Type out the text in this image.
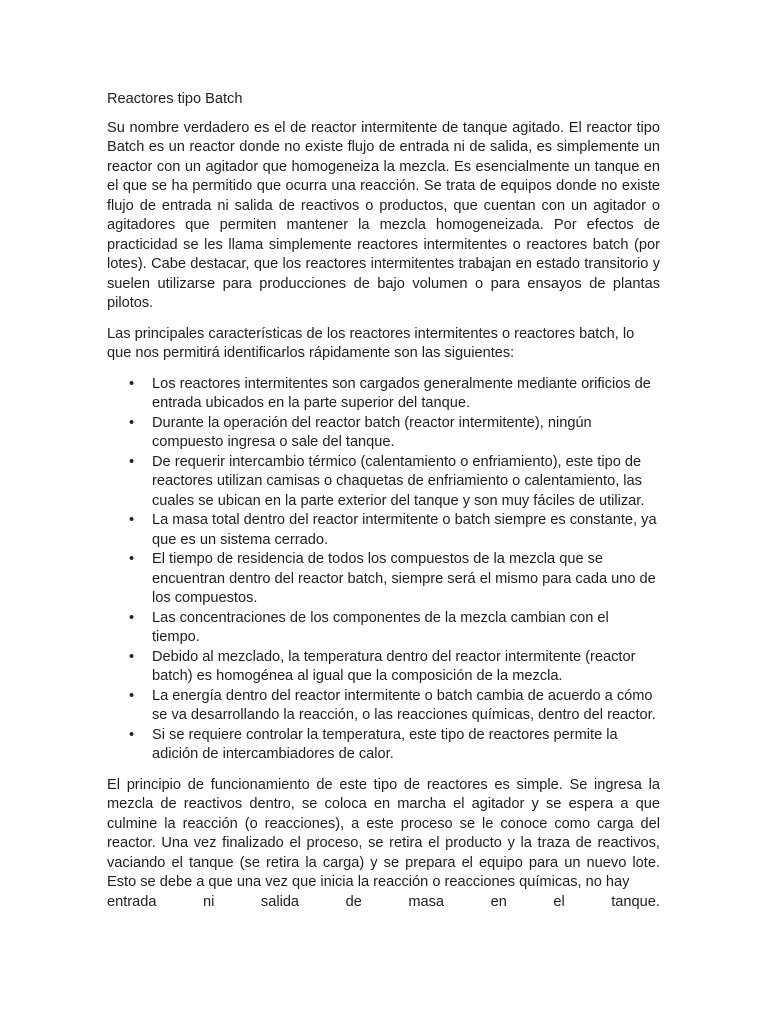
Reactores tipo Batch

Su nombre verdadero es el de reactor intermitente de tanque agitado. El reactor tipo Batch es un reactor donde no existe flujo de entrada ni de salida, es simplemente un reactor con un agitador que homogeneiza la mezcla. Es esencialmente un tanque en el que se ha permitido que ocurra una reacción. Se trata de equipos donde no existe flujo de entrada ni salida de reactivos o productos, que cuentan con un agitador o agitadores que permiten mantener la mezcla homogeneizada. Por efectos de practicidad se les llama simplemente reactores intermitentes o reactores batch (por lotes). Cabe destacar, que los reactores intermitentes trabajan en estado transitorio y suelen utilizarse para producciones de bajo volumen o para ensayos de plantas pilotos.

Las principales características de los reactores intermitentes o reactores batch, lo que nos permitirá identificarlos rápidamente son las siguientes:

• Los reactores intermitentes son cargados generalmente mediante orificios de entrada ubicados en la parte superior del tanque.
• Durante la operación del reactor batch (reactor intermitente), ningún compuesto ingresa o sale del tanque.
• De requerir intercambio térmico (calentamiento o enfriamiento), este tipo de reactores utilizan camisas o chaquetas de enfriamiento o calentamiento, las cuales se ubican en la parte exterior del tanque y son muy fáciles de utilizar.
• La masa total dentro del reactor intermitente o batch siempre es constante, ya que es un sistema cerrado.
• El tiempo de residencia de todos los compuestos de la mezcla que se encuentran dentro del reactor batch, siempre será el mismo para cada uno de los compuestos.
• Las concentraciones de los componentes de la mezcla cambian con el tiempo.
• Debido al mezclado, la temperatura dentro del reactor intermitente (reactor batch) es homogénea al igual que la composición de la mezcla.
• La energía dentro del reactor intermitente o batch cambia de acuerdo a cómo se va desarrollando la reacción, o las reacciones químicas, dentro del reactor.
• Si se requiere controlar la temperatura, este tipo de reactores permite la adición de intercambiadores de calor.

El principio de funcionamiento de este tipo de reactores es simple. Se ingresa la mezcla de reactivos dentro, se coloca en marcha el agitador y se espera a que culmine la reacción (o reacciones), a este proceso se le conoce como carga del reactor. Una vez finalizado el proceso, se retira el producto y la traza de reactivos, vaciando el tanque (se retira la carga) y se prepara el equipo para un nuevo lote. Esto se debe a que una vez que inicia la reacción o reacciones químicas, no hay

entrada	ni	salida	de	masa	en	el	tanque.
